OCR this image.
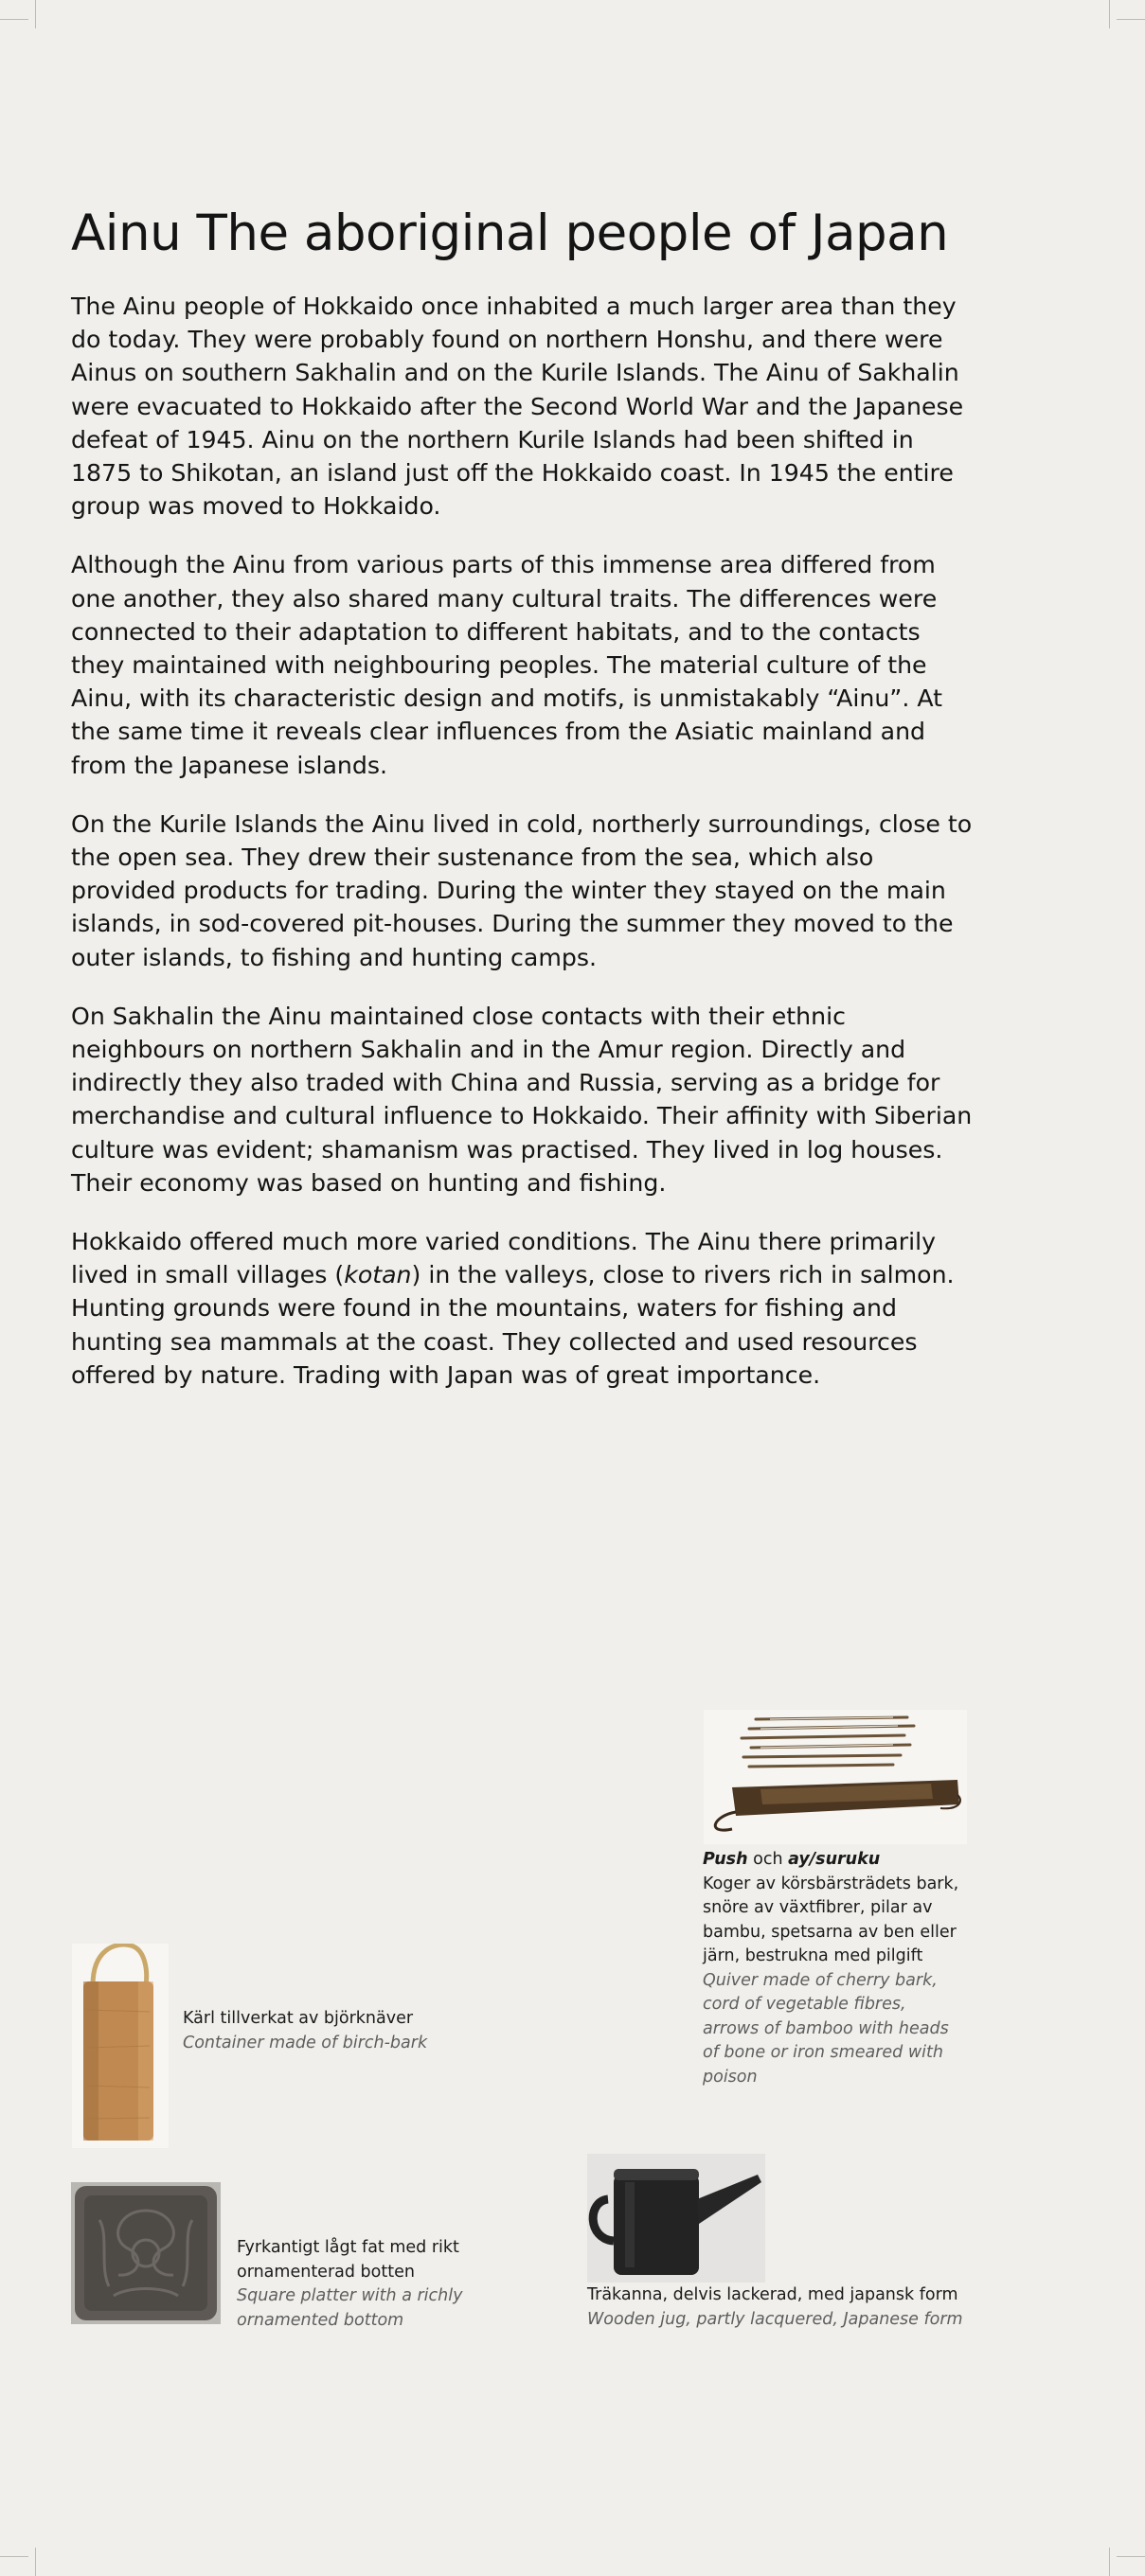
Ainu The aboriginal people of Japan

The Ainu people of Hokkaido once inhabited a much larger area than they do today. They were probably found on northern Honshu, and there were Ainus on southern Sakhalin and on the Kurile Islands. The Ainu of Sakhalin were evacuated to Hokkaido after the Second World War and the Japanese defeat of 1945. Ainu on the northern Kurile Islands had been shifted in 1875 to Shikotan, an island just off the Hokkaido coast. In 1945 the entire group was moved to Hokkaido.

Although the Ainu from various parts of this immense area differed from one another, they also shared many cultural traits. The differences were connected to their adaptation to different habitats, and to the contacts they maintained with neighbouring peoples. The material culture of the Ainu, with its characteristic design and motifs, is unmistakably “Ainu”. At the same time it reveals clear influences from the Asiatic mainland and from the Japanese islands.

On the Kurile Islands the Ainu lived in cold, northerly surroundings, close to the open sea. They drew their sustenance from the sea, which also provided products for trading. During the winter they stayed on the main islands, in sod-covered pit-houses. During the summer they moved to the outer islands, to fishing and hunting camps.

On Sakhalin the Ainu maintained close contacts with their ethnic neighbours on northern Sakhalin and in the Amur region. Directly and indirectly they also traded with China and Russia, serving as a bridge for merchandise and cultural influence to Hokkaido. Their affinity with Siberian culture was evident; shamanism was practised. They lived in log houses. Their economy was based on hunting and fishing.

Hokkaido offered much more varied conditions. The Ainu there primarily lived in small villages (kotan) in the valleys, close to rivers rich in salmon. Hunting grounds were found in the mountains, waters for fishing and hunting sea mammals at the coast. They collected and used resources offered by nature. Trading with Japan was of great importance.

Push och ay/suruku
Koger av körsbärsträdets bark, snöre av växtfibrer, pilar av bambu, spetsarna av ben eller järn, bestrukna med pilgift
Quiver made of cherry bark, cord of vegetable fibres, arrows of bamboo with heads of bone or iron smeared with poison
Kärl tillverkat av björknäver
Container made of birch-bark
Fyrkantigt lågt fat med rikt ornamenterad botten
Square platter with a richly ornamented bottom
Träkanna, delvis lackerad, med japansk form
Wooden jug, partly lacquered, Japanese form
